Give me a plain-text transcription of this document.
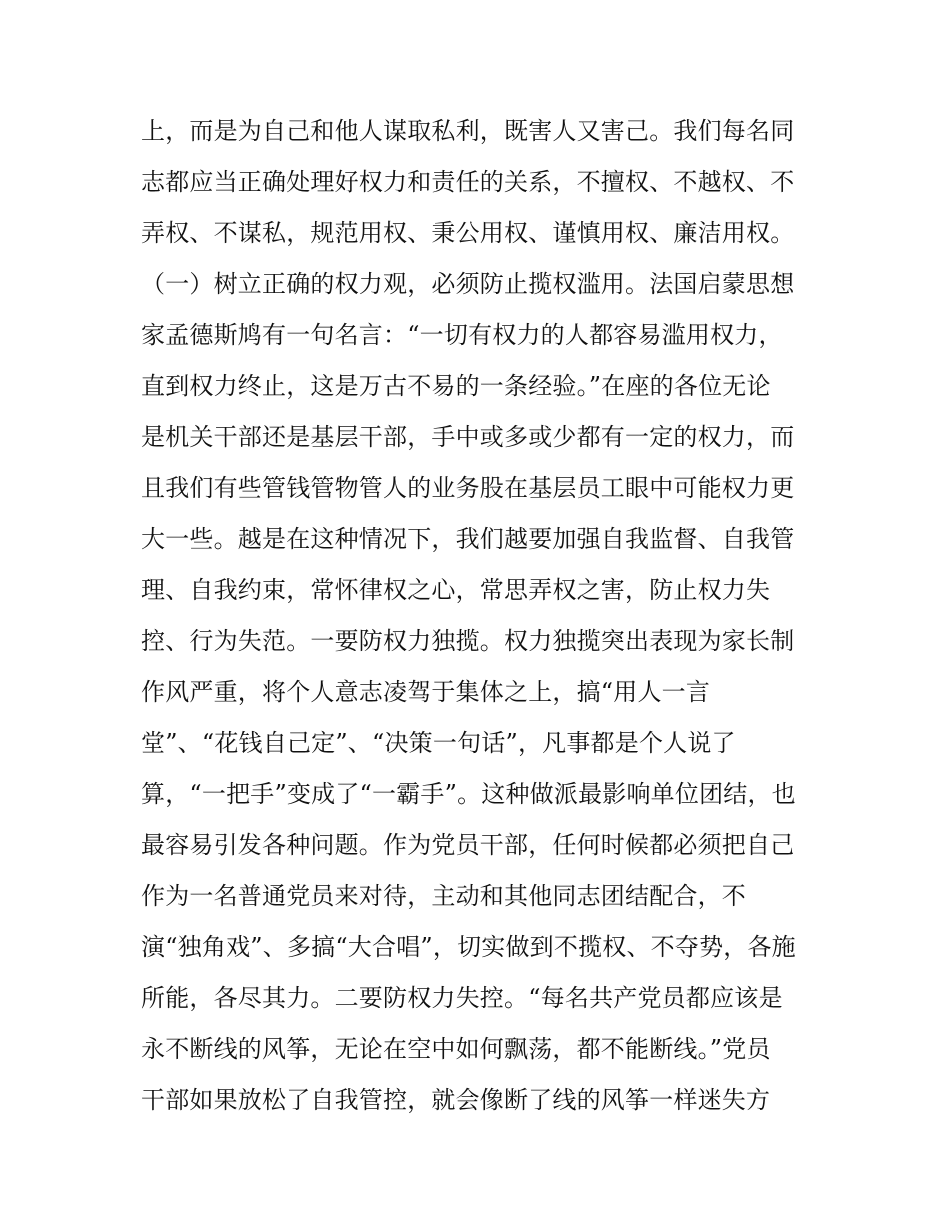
上，而是为自己和他人谋取私利，既害人又害己。我们每名同
志都应当正确处理好权力和责任的关系，不擅权、不越权、不
弄权、不谋私，规范用权、秉公用权、谨慎用权、廉洁用权。
（一）树立正确的权力观，必须防止揽权滥用。法国启蒙思想
家孟德斯鸠有一句名言：“一切有权力的人都容易滥用权力，
直到权力终止，这是万古不易的一条经验。”在座的各位无论
是机关干部还是基层干部，手中或多或少都有一定的权力，而
且我们有些管钱管物管人的业务股在基层员工眼中可能权力更
大一些。越是在这种情况下，我们越要加强自我监督、自我管
理、自我约束，常怀律权之心，常思弄权之害，防止权力失
控、行为失范。一要防权力独揽。权力独揽突出表现为家长制
作风严重，将个人意志凌驾于集体之上，搞“用人一言
堂”、“花钱自己定”、“决策一句话”，凡事都是个人说了
算，“一把手”变成了“一霸手”。这种做派最影响单位团结，也
最容易引发各种问题。作为党员干部，任何时候都必须把自己
作为一名普通党员来对待，主动和其他同志团结配合，不
演“独角戏”、多搞“大合唱”，切实做到不揽权、不夺势，各施
所能，各尽其力。二要防权力失控。“每名共产党员都应该是
永不断线的风筝，无论在空中如何飘荡，都不能断线。”党员
干部如果放松了自我管控，就会像断了线的风筝一样迷失方
